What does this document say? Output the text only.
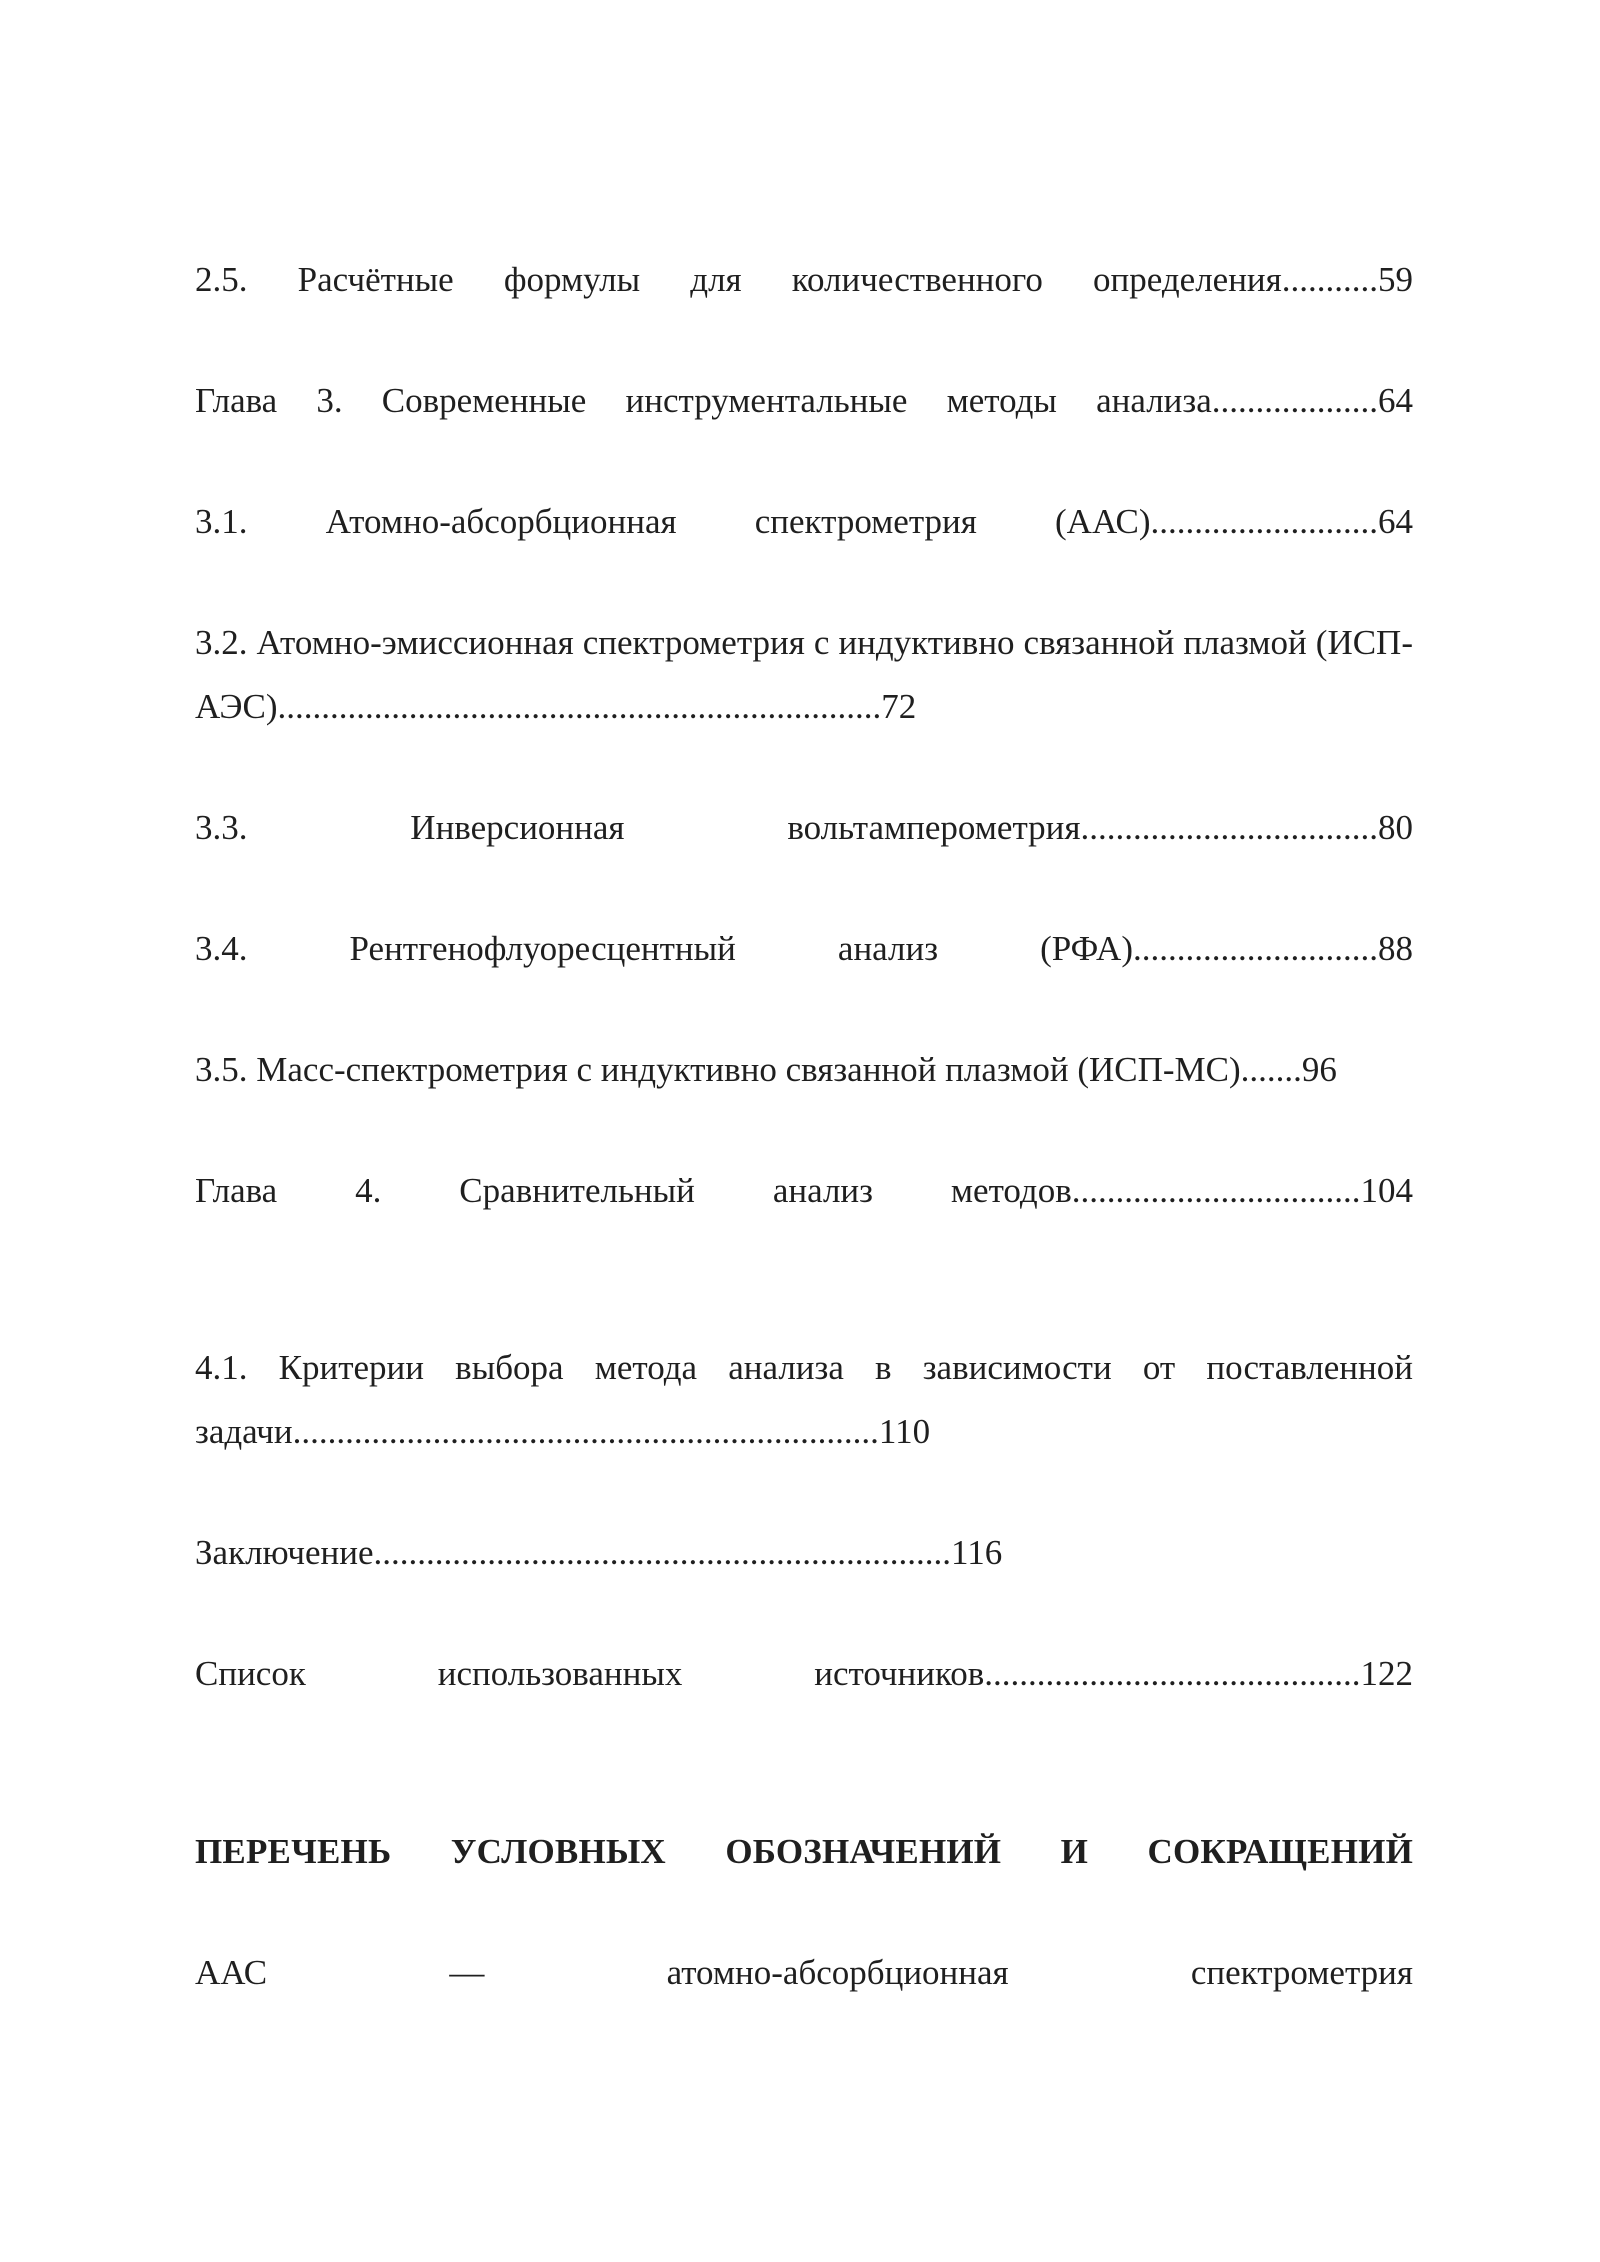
2.5. Расчётные формулы для количественного определения...........59

Глава 3. Современные инструментальные методы анализа...................64

3.1. Атомно-абсорбционная спектрометрия (ААС)..........................64

3.2. Атомно-эмиссионная спектрометрия с индуктивно связанной плазмой (ИСП-АЭС).....................................................................72

3.3. Инверсионная вольтамперометрия..................................80

3.4. Рентгенофлуоресцентный анализ (РФА)............................88

3.5. Масс-спектрометрия с индуктивно связанной плазмой (ИСП-МС).......96

Глава 4. Сравнительный анализ методов.................................104

4.1. Критерии выбора метода анализа в зависимости от поставленной задачи...................................................................110

Заключение..................................................................116

Список использованных источников...........................................122

ПЕРЕЧЕНЬ УСЛОВНЫХ ОБОЗНАЧЕНИЙ И СОКРАЩЕНИЙ

ААС — атомно-абсорбционная спектрометрия
